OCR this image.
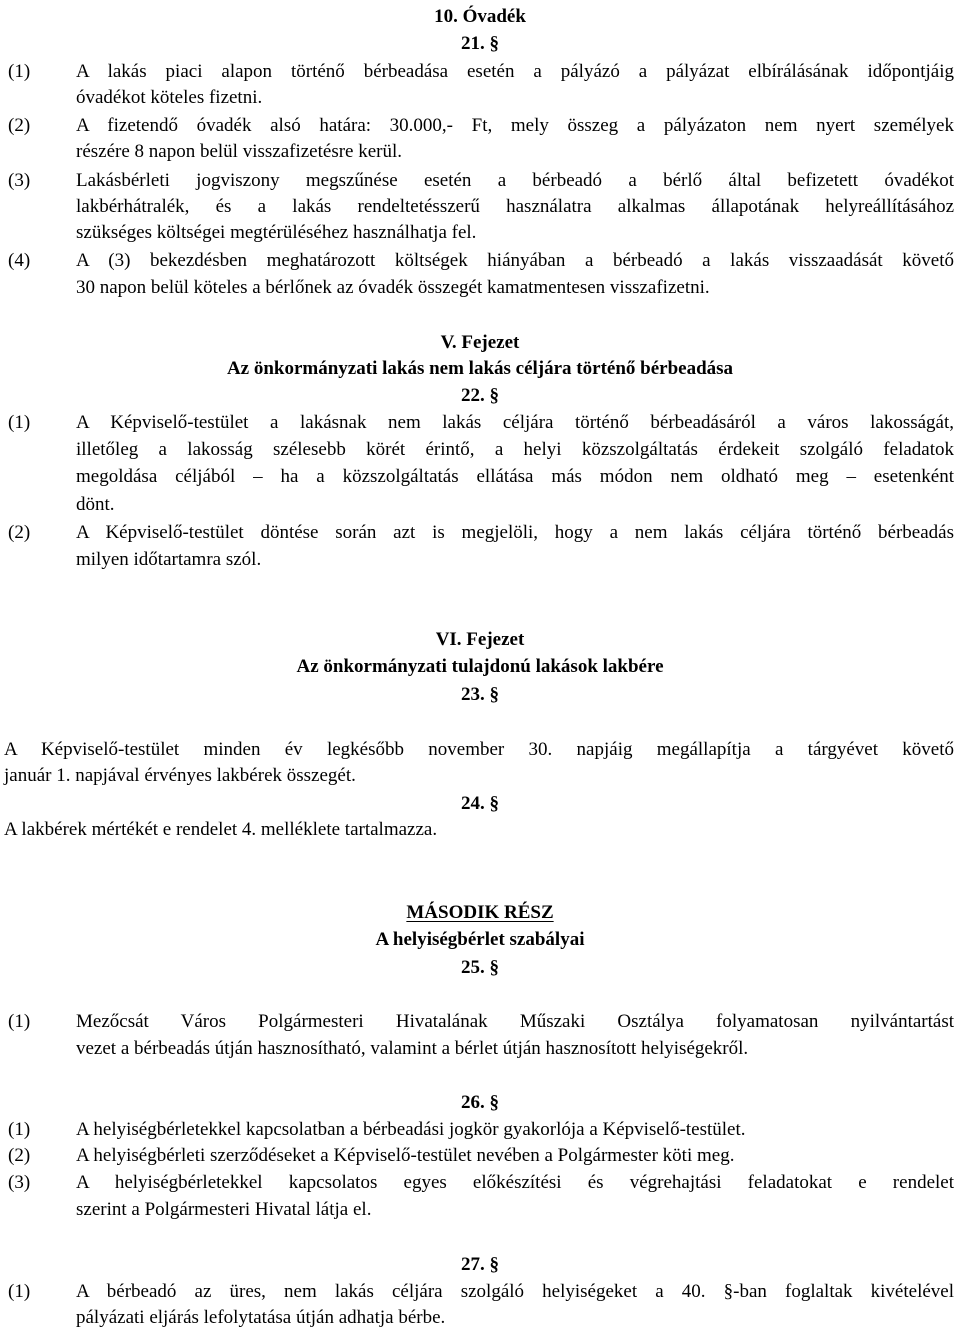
10. Óvadék
21. §
(1) A lakás piaci alapon történő bérbeadása esetén a pályázó a pályázat elbírálásának időpontjáig
óvadékot köteles fizetni.
(2) A fizetendő óvadék alsó határa: 30.000,- Ft, mely összeg a pályázaton nem nyert személyek
részére 8 napon belül visszafizetésre kerül.
(3) Lakásbérleti jogviszony megszűnése esetén a bérbeadó a bérlő által befizetett óvadékot
lakbérhátralék, és a lakás rendeltetésszerű használatra alkalmas állapotának helyreállításához
szükséges költségei megtérüléséhez használhatja fel.
(4) A (3) bekezdésben meghatározott költségek hiányában a bérbeadó a lakás visszaadását követő
30 napon belül köteles a bérlőnek az óvadék összegét kamatmentesen visszafizetni.
V. Fejezet
Az önkormányzati lakás nem lakás céljára történő bérbeadása
22. §
(1) A Képviselő-testület a lakásnak nem lakás céljára történő bérbeadásáról a város lakosságát,
illetőleg a lakosság szélesebb körét érintő, a helyi közszolgáltatás érdekeit szolgáló feladatok
megoldása céljából – ha a közszolgáltatás ellátása más módon nem oldható meg – esetenként
dönt.
(2) A Képviselő-testület döntése során azt is megjelöli, hogy a nem lakás céljára történő bérbeadás
milyen időtartamra szól.
VI. Fejezet
Az önkormányzati tulajdonú lakások lakbére
23. §
A Képviselő-testület minden év legkésőbb november 30. napjáig megállapítja a tárgyévet követő
január 1. napjával érvényes lakbérek összegét.
24. §
A lakbérek mértékét e rendelet 4. melléklete tartalmazza.
MÁSODIK RÉSZ
A helyiségbérlet szabályai
25. §
(1) Mezőcsát Város Polgármesteri Hivatalának Műszaki Osztálya folyamatosan nyilvántartást
vezet a bérbeadás útján hasznosítható, valamint a bérlet útján hasznosított helyiségekről.
26. §
(1) A helyiségbérletekkel kapcsolatban a bérbeadási jogkör gyakorlója a Képviselő-testület.
(2) A helyiségbérleti szerződéseket a Képviselő-testület nevében a Polgármester köti meg.
(3) A helyiségbérletekkel kapcsolatos egyes előkészítési és végrehajtási feladatokat e rendelet
szerint a Polgármesteri Hivatal látja el.
27. §
(1) A bérbeadó az üres, nem lakás céljára szolgáló helyiségeket a 40. §-ban foglaltak kivételével
pályázati eljárás lefolytatása útján adhatja bérbe.
